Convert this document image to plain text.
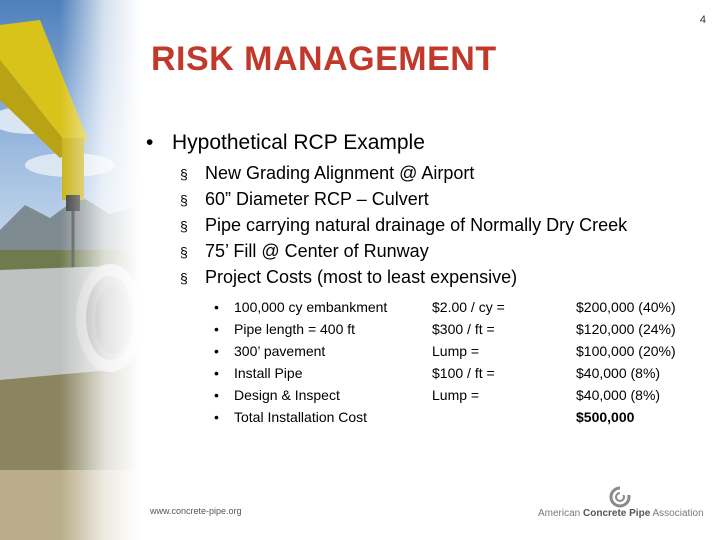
4
RISK MANAGEMENT
• Hypothetical RCP Example
§ New Grading Alignment @ Airport
§ 60” Diameter RCP – Culvert
§ Pipe carrying natural drainage of Normally Dry Creek
§ 75’ Fill @ Center of Runway
§ Project Costs (most to least expensive)
•	100,000 cy embankment	$2.00 / cy =	$200,000 (40%)
•	Pipe length = 400 ft	$300 / ft =	$120,000 (24%)
•	300’ pavement	Lump =	$100,000 (20%)
•	Install Pipe	$100 / ft =	$40,000 (8%)
•	Design & Inspect	Lump =	$40,000 (8%)
•	Total Installation Cost		$500,000
www.concrete-pipe.org	American Concrete Pipe Association
